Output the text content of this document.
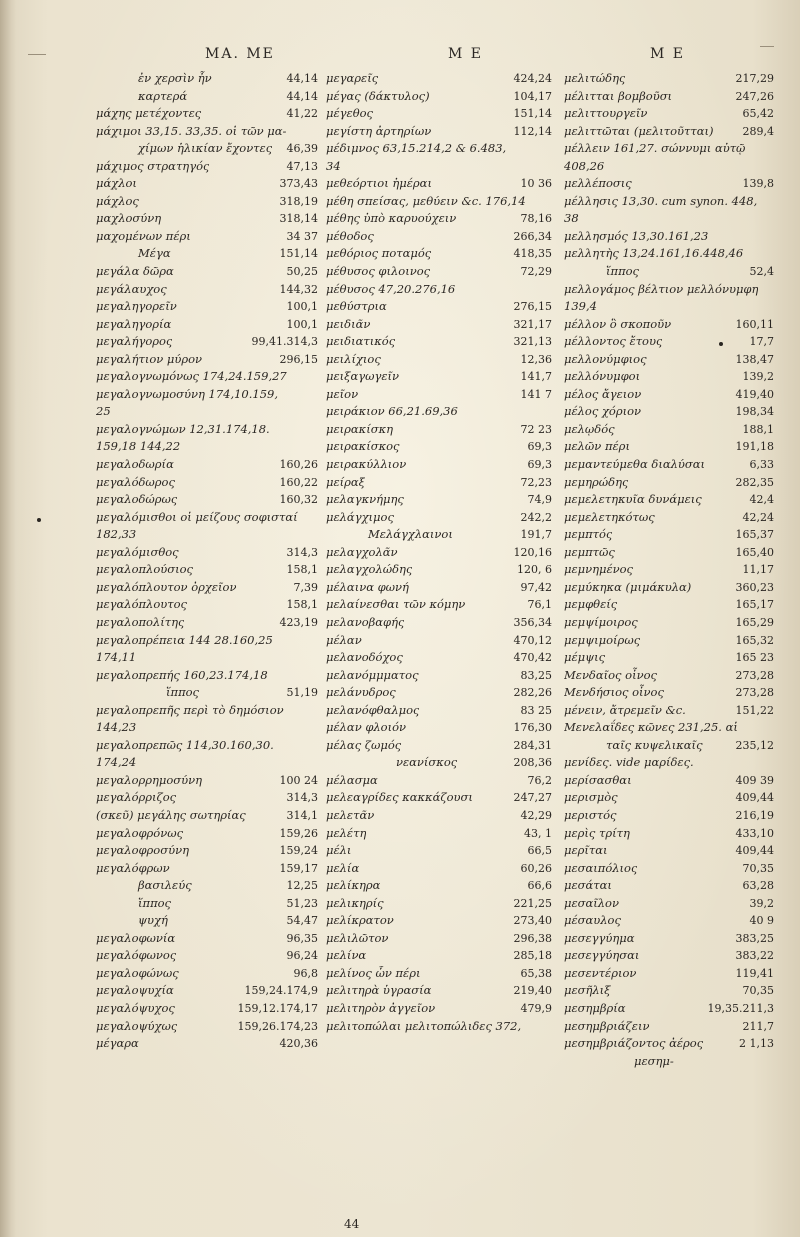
ΜΑ. ΜΕ	Μ Ε	Μ Ε
ἐν χερσὶν ἦν	44,14
καρτερά	44,14
μάχης μετέχοντες	41,22
μάχιμοι 33,15. 33,35. οἱ τῶν μα-
χίμων ἡλικίαν ἔχοντες	46,39
μάχιμος στρατηγός	47,13
μάχλοι	373,43
μάχλος	318,19
μαχλοσύνη	318,14
μαχομένων πέρι	34 37
Μέγα	151,14
μεγάλα δῶρα	50,25
μεγάλαυχος	144,32
μεγαληγορεῖν	100,1
μεγαληγορία	100,1
μεγαλήγορος	99,41.314,3
μεγαλήτιον μύρον	296,15
μεγαλογνωμόνως 174,24.159,27
μεγαλογνωμοσύνη 174,10.159,
25
μεγαλογνώμων 12,31.174,18.
159,18 144,22
μεγαλοδωρία	160,26
μεγαλόδωρος	160,22
μεγαλοδώρως	160,32
μεγαλόμισθοι οἱ μείζους σοφισταί
182,33
μεγαλόμισθος	314,3
μεγαλοπλούσιος	158,1
μεγαλόπλουτον ὀρχεῖον	7,39
μεγαλόπλουτος	158,1
μεγαλοπολίτης	423,19
μεγαλοπρέπεια 144 28.160,25
174,11
μεγαλοπρεπής 160,23.174,18
ἵππος	51,19
μεγαλοπρεπῆς περὶ τὸ δημόσιον
144,23
μεγαλοπρεπῶς 114,30.160,30.
174,24
μεγαλορρημοσύνη	100 24
μεγαλόρριζος	314,3
(σκεῦ) μεγάλης σωτηρίας	314,1
μεγαλοφρόνως	159,26
μεγαλοφροσύνη	159,24
μεγαλόφρων	159,17
βασιλεύς	12,25
ἵππος	51,23
ψυχή	54,47
μεγαλοφωνία	96,35
μεγαλόφωνος	96,24
μεγαλοφώνως	96,8
μεγαλοψυχία	159,24.174,9
μεγαλόψυχος	159,12.174,17
μεγαλοψύχως	159,26.174,23
μέγαρα	420,36
μεγαρεῖς	424,24
μέγας (δάκτυλος)	104,17
μέγεθος	151,14
μεγίστη ἀρτηρίων	112,14
μέδιμνος 63,15.214,2 & 6.483,
34
μεθεόρτιοι ἡμέραι	10 36
μέθη σπείσας, μεθύειν &c. 176,14
μέθης ὑπὸ καρυούχειν	78,16
μέθοδος	266,34
μεθόριος ποταμός	418,35
μέθυσος φιλοινος	72,29
μέθυσος 47,20.276,16
μεθύστρια	276,15
μειδιᾶν	321,17
μειδιατικός	321,13
μειλίχιος	12,36
μειξαγωγεῖν	141,7
μεῖον	141 7
μειράκιον 66,21.69,36
μειρακίσκη	72 23
μειρακίσκος	69,3
μειρακύλλιον	69,3
μείραξ	72,23
μελαγκνήμης	74,9
μελάγχιμος	242,2
Μελάγχλαινοι	191,7
μελαγχολᾶν	120,16
μελαγχολώδης	120, 6
μέλαινα φωνή	97,42
μελαίνεσθαι τῶν κόμην	76,1
μελανοβαφής	356,34
μέλαν	470,12
μελανοδόχος	470,42
μελανόμμματος	83,25
μελάνυδρος	282,26
μελανόφθαλμος	83 25
μέλαν φλοιόν	176,30
μέλας ζωμός	284,31
νεανίσκος	208,36
μέλασμα	76,2
μελεαγρίδες κακκάζουσι	247,27
μελετᾶν	42,29
μελέτη	43, 1
μέλι	66,5
μελία	60,26
μελίκηρα	66,6
μελικηρίς	221,25
μελίκρατον	273,40
μελιλῶτον	296,38
μελίνα	285,18
μελίνος ὧν πέρι	65,38
μελιτηρὰ ὑγρασία	219,40
μελιτηρὸν ἀγγεῖον	479,9
μελιτοπώλαι μελιτοπώλιδες 372,
μελιτώδης	217,29
μέλιτται βομβοῦσι	247,26
μελιττουργεῖν	65,42
μελιττῶται (μελιτοῦτται)	289,4
μέλλειν 161,27. σώννυμι αὐτῷ
408,26
μελλέποσις	139,8
μέλλησις 13,30. cum synon. 448,
38
μελλησμός 13,30.161,23
μελλητὴς 13,24.161,16.448,46
ἵππος	52,4
μελλογάμος βέλτιον μελλόνυμφη
139,4
μέλλον ὃ σκοποῦν	160,11
μέλλοντος ἔτους	17,7
μελλονύμφιος	138,47
μελλόνυμφοι	139,2
μέλος ἄγειον	419,40
μέλος χόριον	198,34
μελῳδός	188,1
μελῶν πέρι	191,18
μεμαντεύμεθα διαλύσαι	6,33
μεμηρώδης	282,35
μεμελετηκυῖα δυνάμεις	42,4
μεμελετηκότως	42,24
μεμπτός	165,37
μεμπτῶς	165,40
μεμνημένος	11,17
μεμύκηκα (μιμάκυλα)	360,23
μεμφθείς	165,17
μεμψίμοιρος	165,29
μεμψιμοίρως	165,32
μέμψις	165 23
Μενδαῖος οἶνος	273,28
Μενδήσιος οἶνος	273,28
μένειν, ἄτρεμεῖν &c.	151,22
Μενελαΐδες κῶνες 231,25. αἱ
ταῖς κυψελικαῖς	235,12
μενίδες. vide μαρίδες.
μερίσασθαι	409 39
μερισμὸς	409,44
μεριστός	216,19
μερὶς τρίτη	433,10
μερῖται	409,44
μεσαιπόλιος	70,35
μεσάται	63,28
μεσαῖλον	39,2
μέσαυλος	40 9
μεσεγγύημα	383,25
μεσεγγύησαι	383,22
μεσεντέριον	119,41
μεσῆλιξ	70,35
μεσημβρία	19,35.211,3
μεσημβριάζειν	211,7
μεσημβριάζοντος ἀέρος	2 1,13
μεσημ-
44
